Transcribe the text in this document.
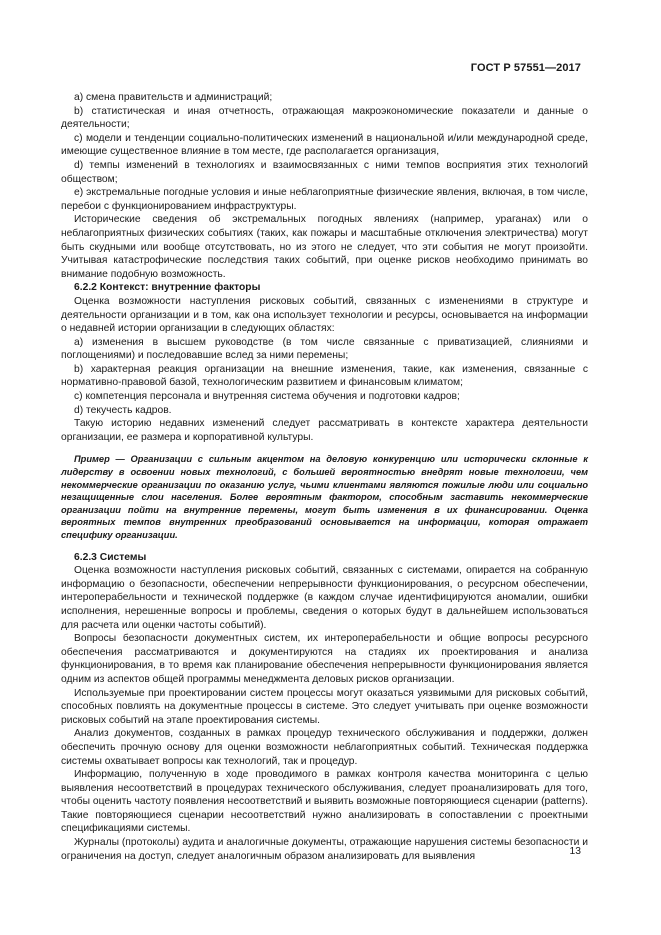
ГОСТ Р 57551—2017

а) смена правительств и администраций;

b) статистическая и иная отчетность, отражающая макроэкономические показатели и данные о деятельности;

c) модели и тенденции социально-политических изменений в национальной и/или международной среде, имеющие существенное влияние в том месте, где располагается организация,

d) темпы изменений в технологиях и взаимосвязанных с ними темпов восприятия этих технологий обществом;

e) экстремальные погодные условия и иные неблагоприятные физические явления, включая, в том числе, перебои с функционированием инфраструктуры.

Исторические сведения об экстремальных погодных явлениях (например, ураганах) или о неблагоприятных физических событиях (таких, как пожары и масштабные отключения электричества) могут быть скудными или вообще отсутствовать, но из этого не следует, что эти события не могут произойти. Учитывая катастрофические последствия таких событий, при оценке рисков необходимо принимать во внимание подобную возможность.

6.2.2 Контекст: внутренние факторы

Оценка возможности наступления рисковых событий, связанных с изменениями в структуре и деятельности организации и в том, как она использует технологии и ресурсы, основывается на информации о недавней истории организации в следующих областях:

a) изменения в высшем руководстве (в том числе связанные с приватизацией, слияниями и поглощениями) и последовавшие вслед за ними перемены;

b) характерная реакция организации на внешние изменения, такие, как изменения, связанные с нормативно-правовой базой, технологическим развитием и финансовым климатом;

c) компетенция персонала и внутренняя система обучения и подготовки кадров;

d) текучесть кадров.

Такую историю недавних изменений следует рассматривать в контексте характера деятельности организации, ее размера и корпоративной культуры.

Пример — Организации с сильным акцентом на деловую конкуренцию или исторически склонные к лидерству в освоении новых технологий, с большей вероятностью внедрят новые технологии, чем некоммерческие организации по оказанию услуг, чьими клиентами являются пожилые люди или социально незащищенные слои населения. Более вероятным фактором, способным заставить некоммерческие организации пойти на внутренние перемены, могут быть изменения в их финансировании. Оценка вероятных темпов внутренних преобразований основывается на информации, которая отражает специфику организации.

6.2.3 Системы

Оценка возможности наступления рисковых событий, связанных с системами, опирается на собранную информацию о безопасности, обеспечении непрерывности функционирования, о ресурсном обеспечении, интероперабельности и технической поддержке (в каждом случае идентифицируются аномалии, ошибки исполнения, нерешенные вопросы и проблемы, сведения о которых будут в дальнейшем использоваться для расчета или оценки частоты событий).

Вопросы безопасности документных систем, их интероперабельности и общие вопросы ресурсного обеспечения рассматриваются и документируются на стадиях их проектирования и анализа функционирования, в то время как планирование обеспечения непрерывности функционирования является одним из аспектов общей программы менеджмента деловых рисков организации.

Используемые при проектировании систем процессы могут оказаться уязвимыми для рисковых событий, способных повлиять на документные процессы в системе. Это следует учитывать при оценке возможности рисковых событий на этапе проектирования системы.

Анализ документов, созданных в рамках процедур технического обслуживания и поддержки, должен обеспечить прочную основу для оценки возможности неблагоприятных событий. Техническая поддержка системы охватывает вопросы как технологий, так и процедур.

Информацию, полученную в ходе проводимого в рамках контроля качества мониторинга с целью выявления несоответствий в процедурах технического обслуживания, следует проанализировать для того, чтобы оценить частоту появления несоответствий и выявить возможные повторяющиеся сценарии (patterns). Такие повторяющиеся сценарии несоответствий нужно анализировать в сопоставлении с проектными спецификациями системы.

Журналы (протоколы) аудита и аналогичные документы, отражающие нарушения системы безопасности и ограничения на доступ, следует аналогичным образом анализировать для выявления	13
